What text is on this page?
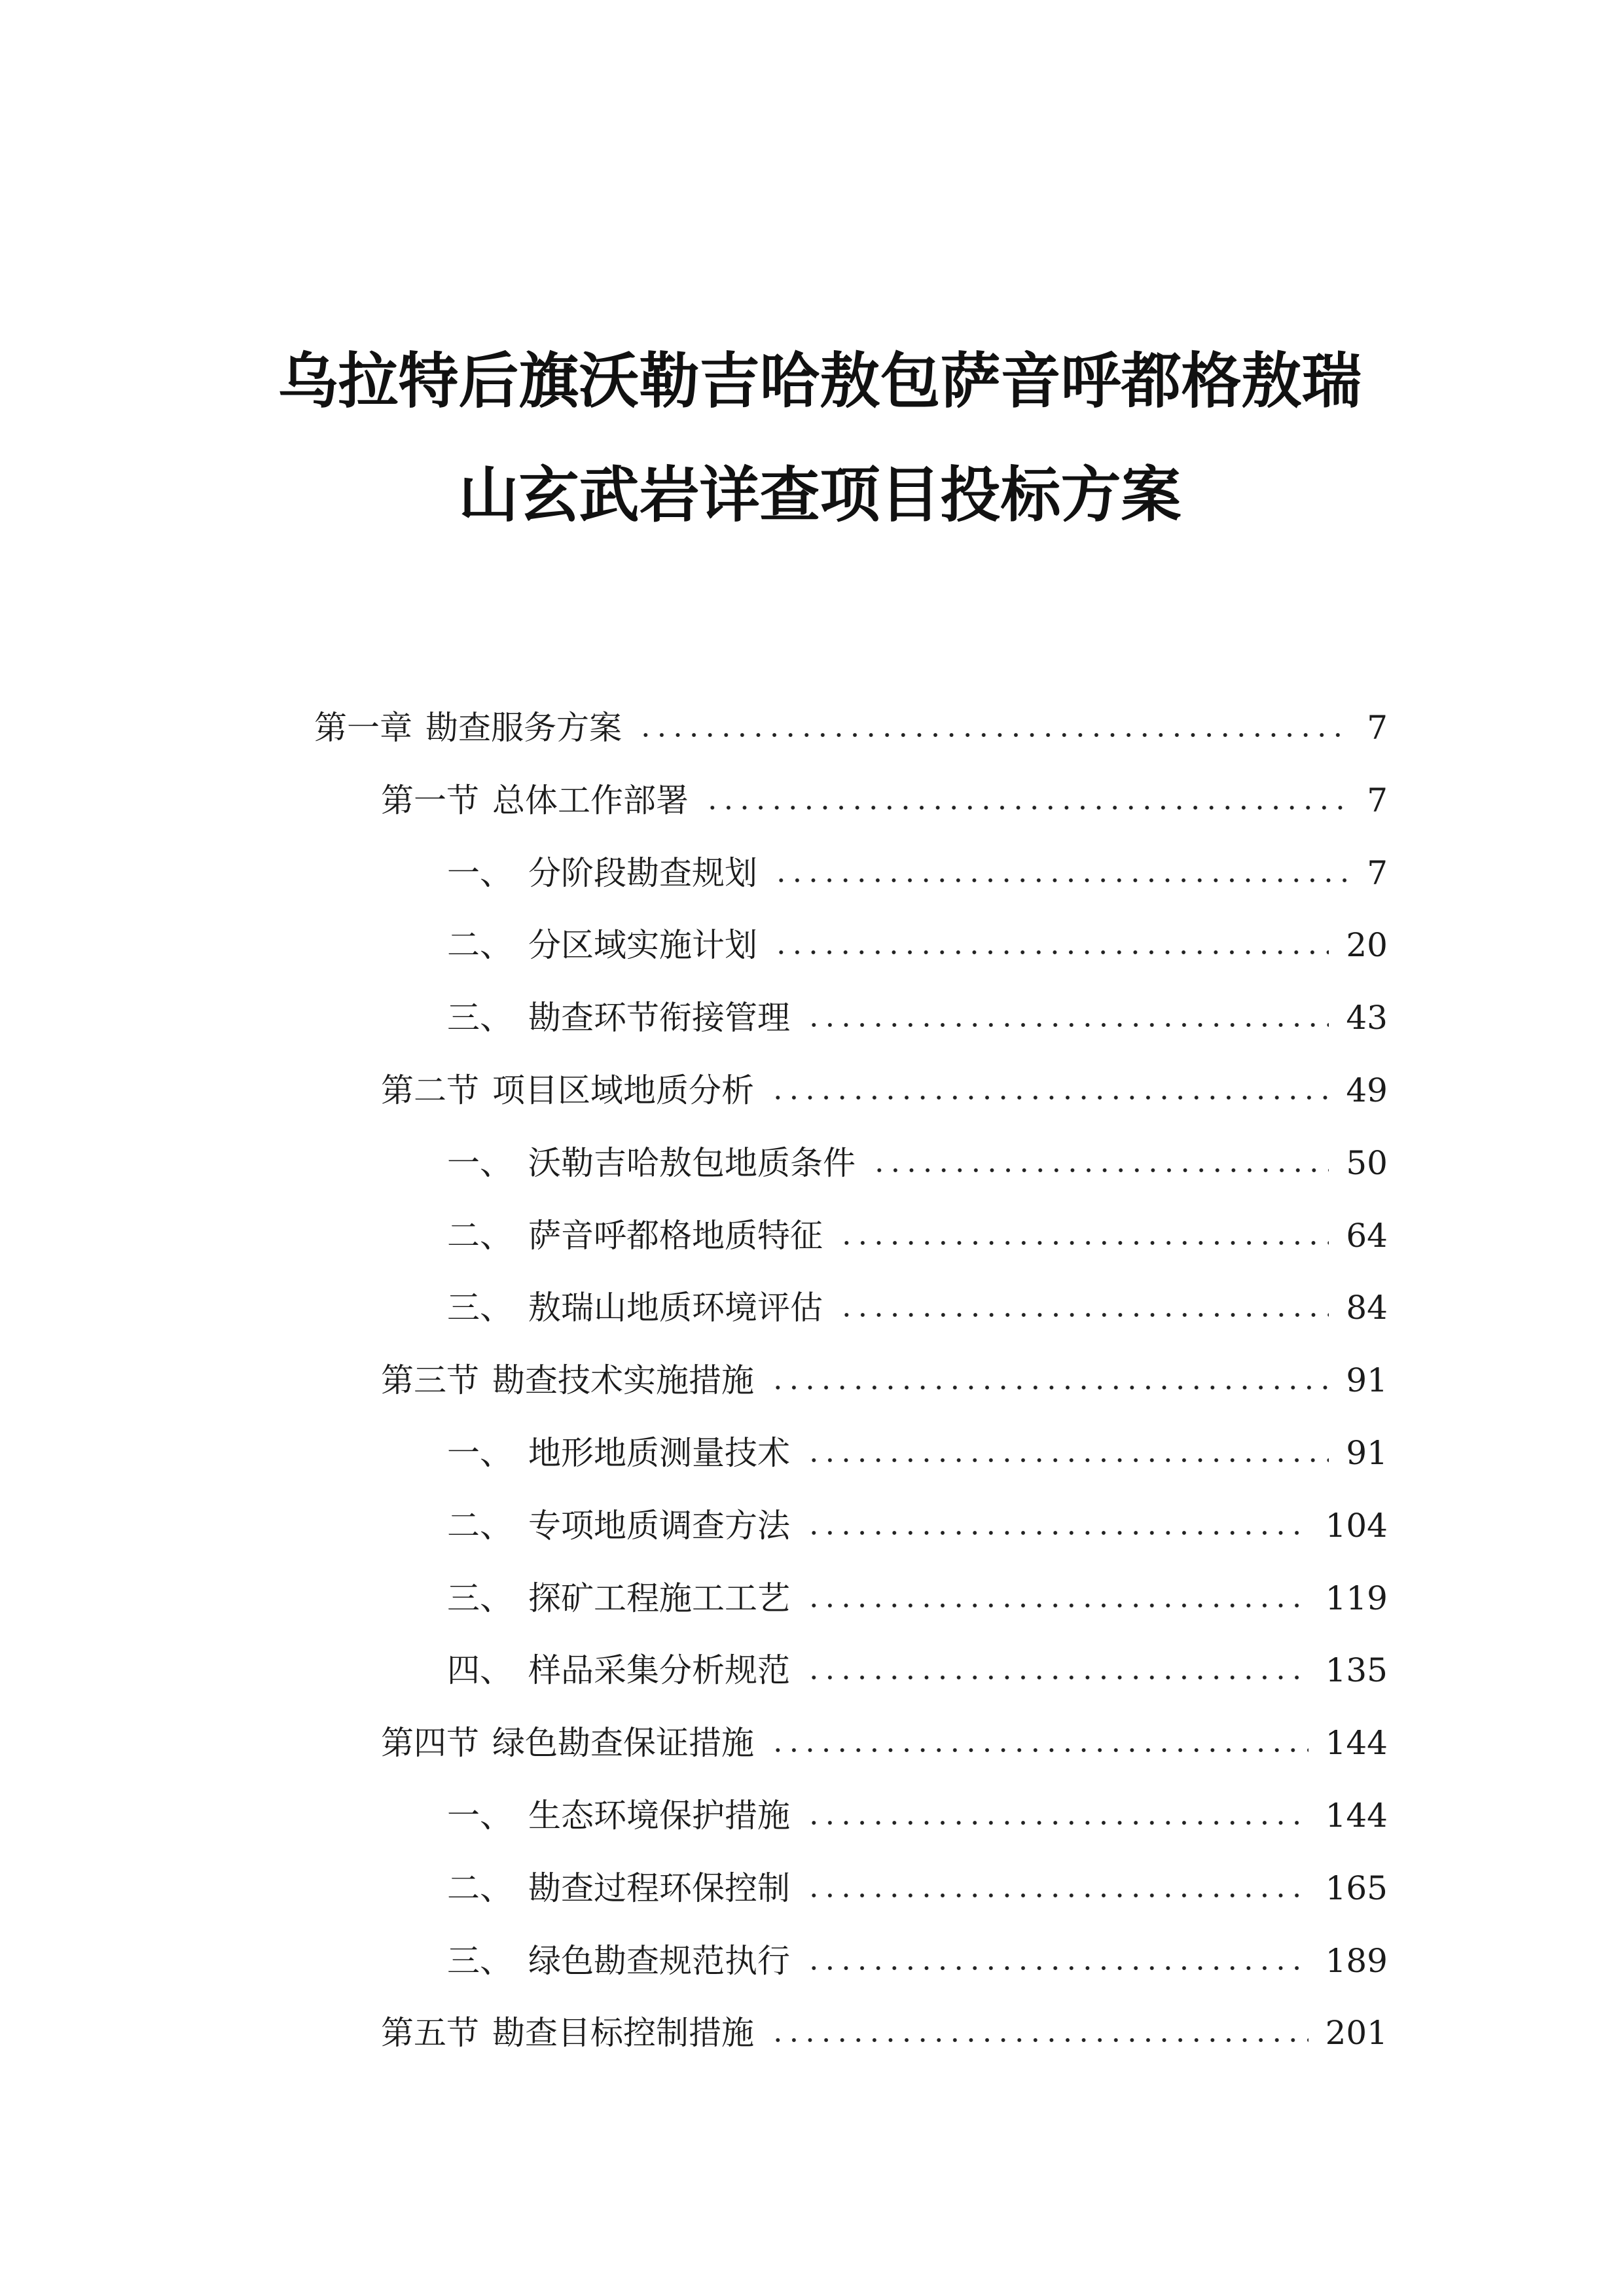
乌拉特后旗沃勒吉哈敖包萨音呼都格敖瑞
山玄武岩详查项目投标方案
第一章 勘查服务方案	7
第一节 总体工作部署	7
一、 分阶段勘查规划	7
二、 分区域实施计划	20
三、 勘查环节衔接管理	43
第二节 项目区域地质分析	49
一、 沃勒吉哈敖包地质条件	50
二、 萨音呼都格地质特征	64
三、 敖瑞山地质环境评估	84
第三节 勘查技术实施措施	91
一、 地形地质测量技术	91
二、 专项地质调查方法	104
三、 探矿工程施工工艺	119
四、 样品采集分析规范	135
第四节 绿色勘查保证措施	144
一、 生态环境保护措施	144
二、 勘查过程环保控制	165
三、 绿色勘查规范执行	189
第五节 勘查目标控制措施	201
